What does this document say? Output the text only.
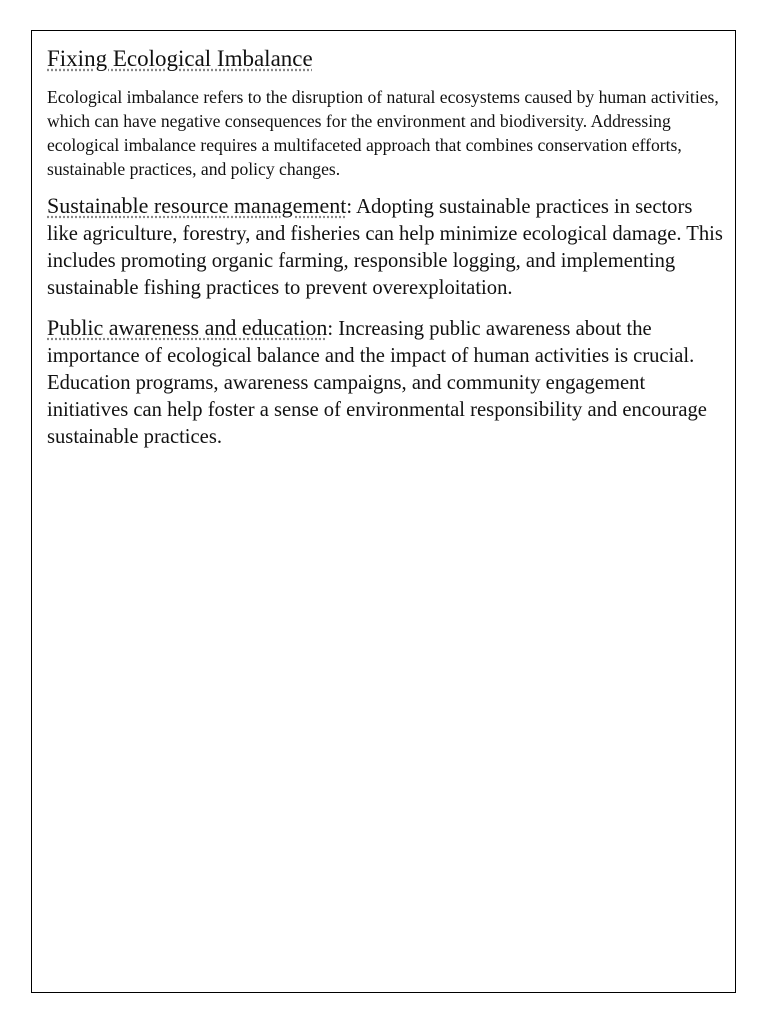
Fixing Ecological Imbalance

Ecological imbalance refers to the disruption of natural ecosystems caused by human activities, which can have negative consequences for the environment and biodiversity. Addressing ecological imbalance requires a multifaceted approach that combines conservation efforts, sustainable practices, and policy changes.

Sustainable resource management: Adopting sustainable practices in sectors like agriculture, forestry, and fisheries can help minimize ecological damage. This includes promoting organic farming, responsible logging, and implementing sustainable fishing practices to prevent overexploitation.

Public awareness and education: Increasing public awareness about the importance of ecological balance and the impact of human activities is crucial. Education programs, awareness campaigns, and community engagement initiatives can help foster a sense of environmental responsibility and encourage sustainable practices.
